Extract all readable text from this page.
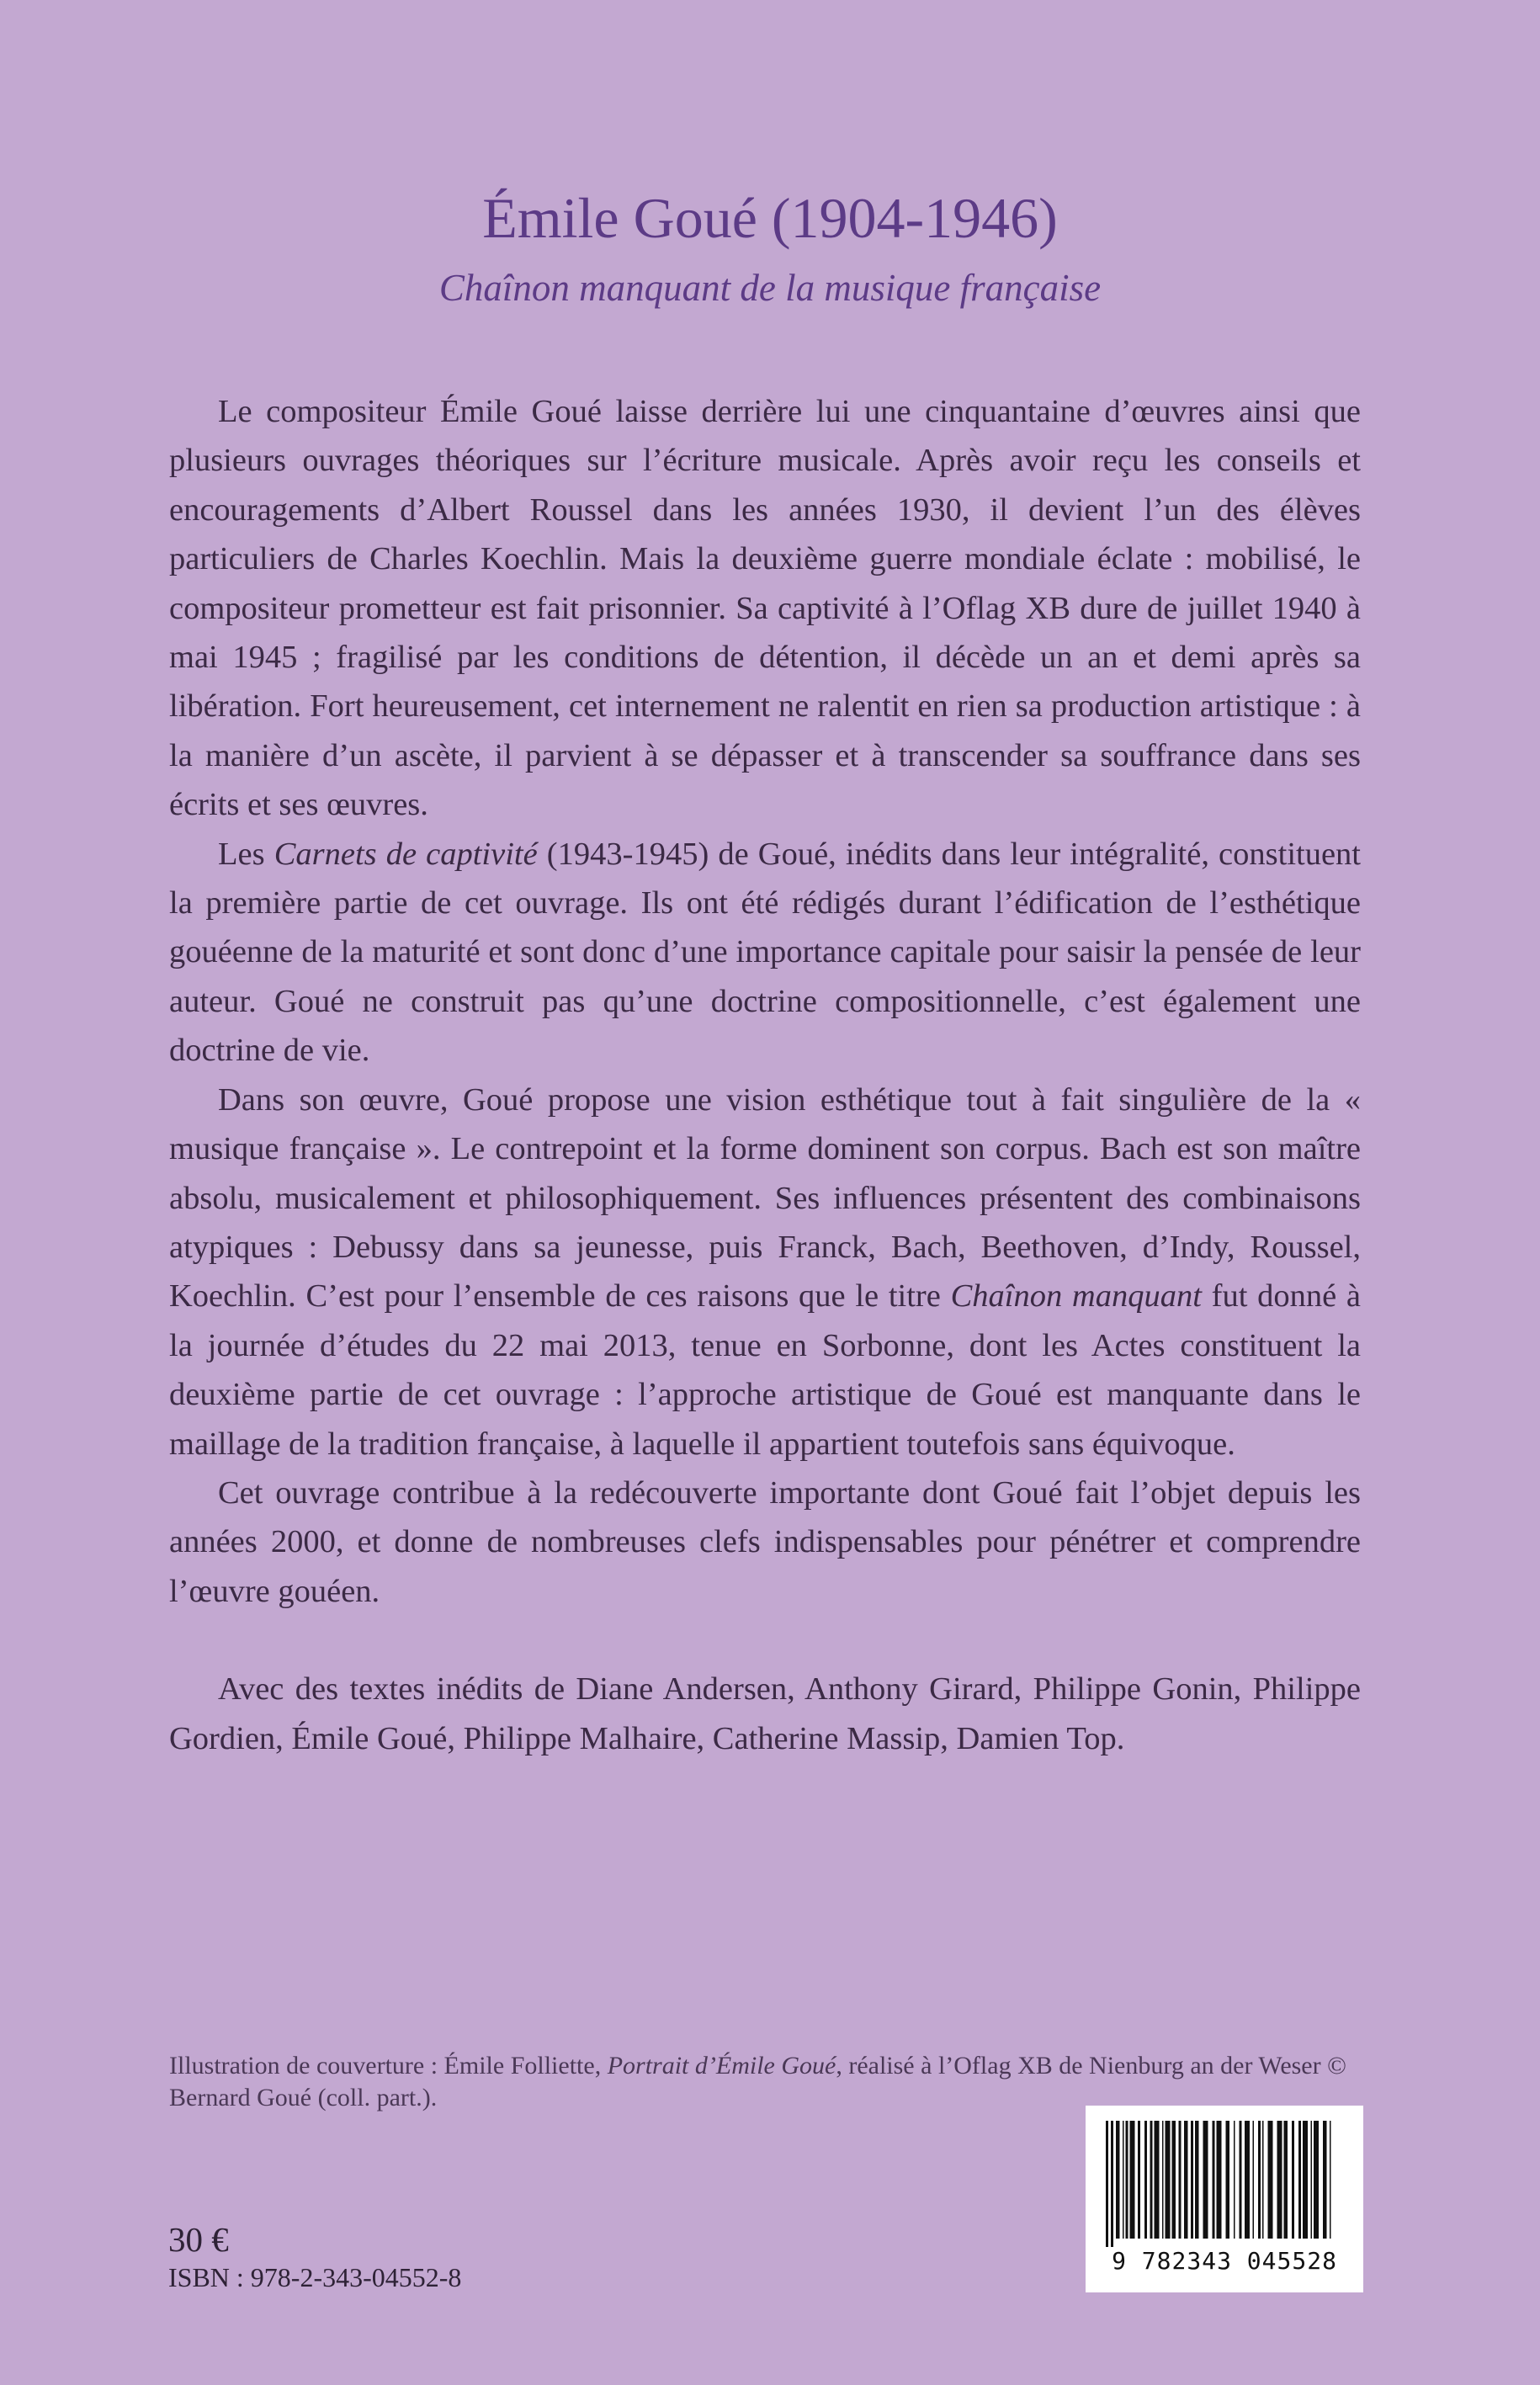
Émile Goué (1904-1946)
Chaînon manquant de la musique française

Le compositeur Émile Goué laisse derrière lui une cinquantaine d’œuvres ainsi que plusieurs ouvrages théoriques sur l’écriture musicale. Après avoir reçu les conseils et encouragements d’Albert Roussel dans les années 1930, il devient l’un des élèves particuliers de Charles Koechlin. Mais la deuxième guerre mondiale éclate : mobilisé, le compositeur prometteur est fait prisonnier. Sa captivité à l’Oflag XB dure de juillet 1940 à mai 1945 ; fragilisé par les conditions de détention, il décède un an et demi après sa libération. Fort heureusement, cet internement ne ralentit en rien sa production artistique : à la manière d’un ascète, il parvient à se dépasser et à transcender sa souffrance dans ses écrits et ses œuvres.

Les Carnets de captivité (1943-1945) de Goué, inédits dans leur intégralité, constituent la première partie de cet ouvrage. Ils ont été rédigés durant l’édification de l’esthétique gouéenne de la maturité et sont donc d’une importance capitale pour saisir la pensée de leur auteur. Goué ne construit pas qu’une doctrine compositionnelle, c’est également une doctrine de vie.

Dans son œuvre, Goué propose une vision esthétique tout à fait singulière de la « musique française ». Le contrepoint et la forme dominent son corpus. Bach est son maître absolu, musicalement et philosophiquement. Ses influences présentent des combinaisons atypiques : Debussy dans sa jeunesse, puis Franck, Bach, Beethoven, d’Indy, Roussel, Koechlin. C’est pour l’ensemble de ces raisons que le titre Chaînon manquant fut donné à la journée d’études du 22 mai 2013, tenue en Sorbonne, dont les Actes constituent la deuxième partie de cet ouvrage : l’approche artistique de Goué est manquante dans le maillage de la tradition française, à laquelle il appartient toutefois sans équivoque.

Cet ouvrage contribue à la redécouverte importante dont Goué fait l’objet depuis les années 2000, et donne de nombreuses clefs indispensables pour pénétrer et comprendre l’œuvre gouéen.

Avec des textes inédits de Diane Andersen, Anthony Girard, Philippe Gonin, Philippe Gordien, Émile Goué, Philippe Malhaire, Catherine Massip, Damien Top.

Illustration de couverture : Émile Folliette, Portrait d’Émile Goué, réalisé à l’Oflag XB de Nienburg an der Weser © Bernard Goué (coll. part.).
30 €
ISBN : 978-2-343-04552-8
9 782343 045528
